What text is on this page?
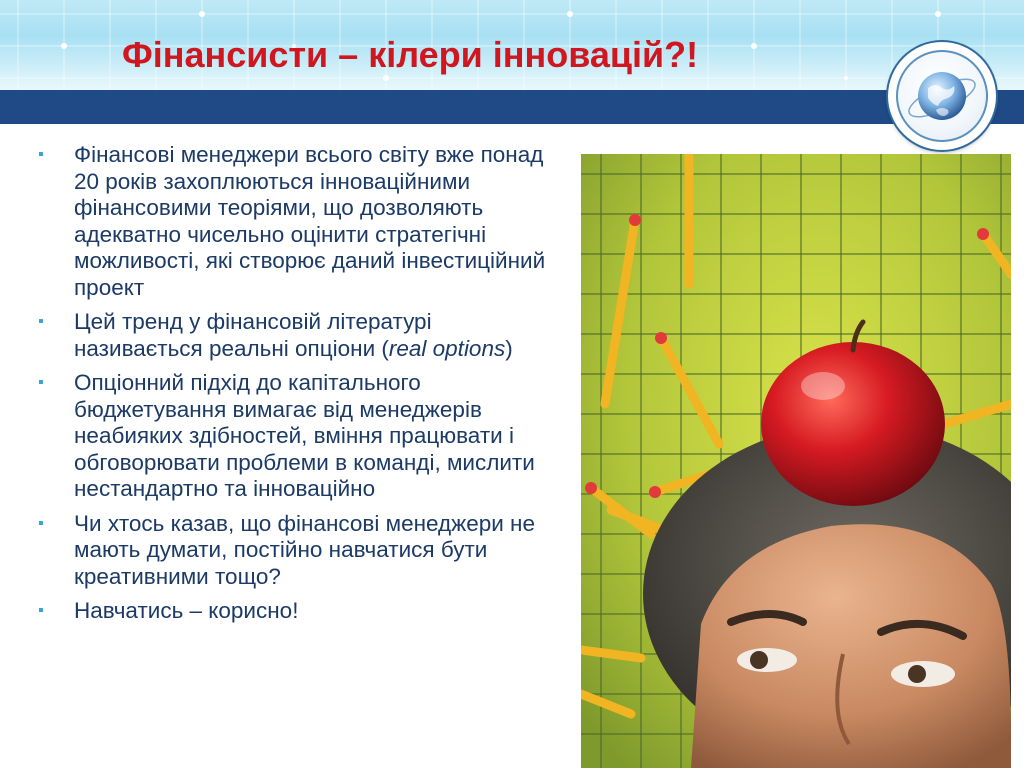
Фінансисти – кілери інновацій?!
▪ Фінансові менеджери всього світу вже понад 20 років захоплюються інноваційними фінансовими теоріями, що дозволяють адекватно чисельно оцінити стратегічні можливості, які створює даний інвестиційний проект
▪ Цей тренд у фінансовій літературі називається реальні опціони (real options)
▪ Опціонний підхід до капітального бюджетування вимагає від менеджерів неабияких здібностей, вміння працювати і обговорювати проблеми в команді, мислити нестандартно та інноваційно
▪ Чи хтось казав, що фінансові менеджери не мають думати, постійно навчатися бути креативними тощо?
▪ Навчатись – корисно!
